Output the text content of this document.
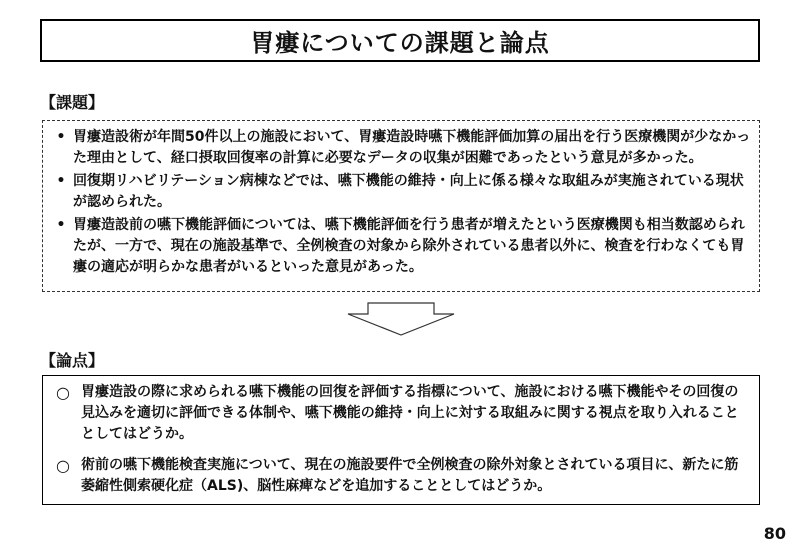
胃瘻についての課題と論点
【課題】
• 胃瘻造設術が年間50件以上の施設において、胃瘻造設時嚥下機能評価加算の届出を行う医療機関が少なかった理由として、経口摂取回復率の計算に必要なデータの収集が困難であったという意見が多かった。
• 回復期リハビリテーション病棟などでは、嚥下機能の維持・向上に係る様々な取組みが実施されている現状が認められた。
• 胃瘻造設前の嚥下機能評価については、嚥下機能評価を行う患者が増えたという医療機関も相当数認められたが、一方で、現在の施設基準で、全例検査の対象から除外されている患者以外に、検査を行わなくても胃瘻の適応が明らかな患者がいるといった意見があった。
【論点】
○ 胃瘻造設の際に求められる嚥下機能の回復を評価する指標について、施設における嚥下機能やその回復の見込みを適切に評価できる体制や、嚥下機能の維持・向上に対する取組みに関する視点を取り入れることとしてはどうか。
○ 術前の嚥下機能検査実施について、現在の施設要件で全例検査の除外対象とされている項目に、新たに筋萎縮性側索硬化症（ALS)、脳性麻痺などを追加することとしてはどうか。
80
